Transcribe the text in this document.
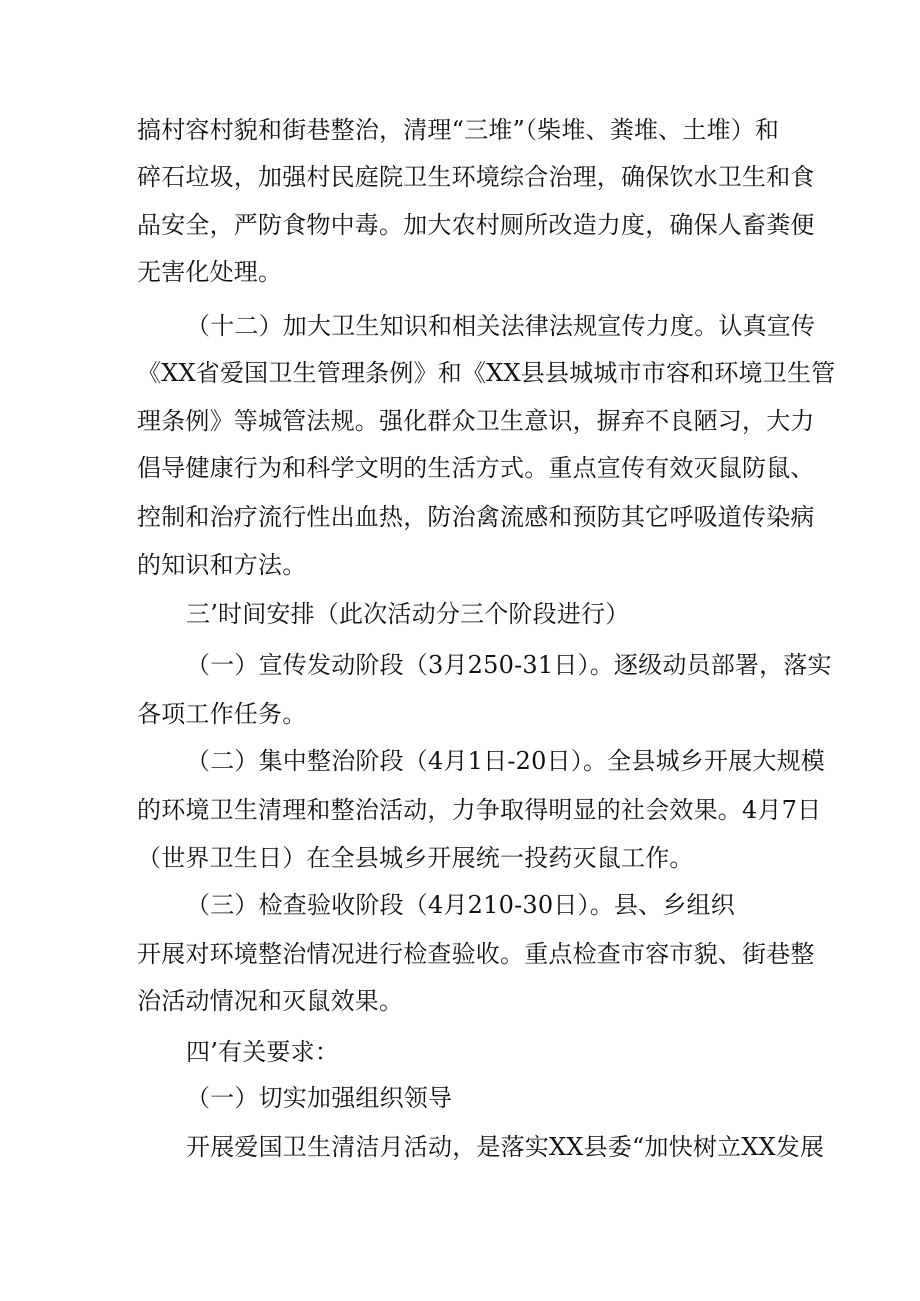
搞村容村貌和街巷整治，清理“三堆”（柴堆、粪堆、土堆）和
碎石垃圾，加强村民庭院卫生环境综合治理，确保饮水卫生和食
品安全，严防食物中毒。加大农村厕所改造力度，确保人畜粪便
无害化处理。
（十二）加大卫生知识和相关法律法规宣传力度。认真宣传
《XX省爱国卫生管理条例》和《XX县县城城市市容和环境卫生管
理条例》等城管法规。强化群众卫生意识，摒弃不良陋习，大力
倡导健康行为和科学文明的生活方式。重点宣传有效灭鼠防鼠、
控制和治疗流行性出血热，防治禽流感和预防其它呼吸道传染病
的知识和方法。
三’时间安排（此次活动分三个阶段进行）
（一）宣传发动阶段（3月250-31日）。逐级动员部署，落实
各项工作任务。
（二）集中整治阶段（4月1日-20日）。全县城乡开展大规模
的环境卫生清理和整治活动，力争取得明显的社会效果。4月7日
（世界卫生日）在全县城乡开展统一投药灭鼠工作。
（三）检查验收阶段（4月210-30日）。县、乡组织
开展对环境整治情况进行检查验收。重点检查市容市貌、街巷整
治活动情况和灭鼠效果。
四’有关要求：
（一）切实加强组织领导
开展爱国卫生清洁月活动，是落实XX县委“加快树立XX发展
